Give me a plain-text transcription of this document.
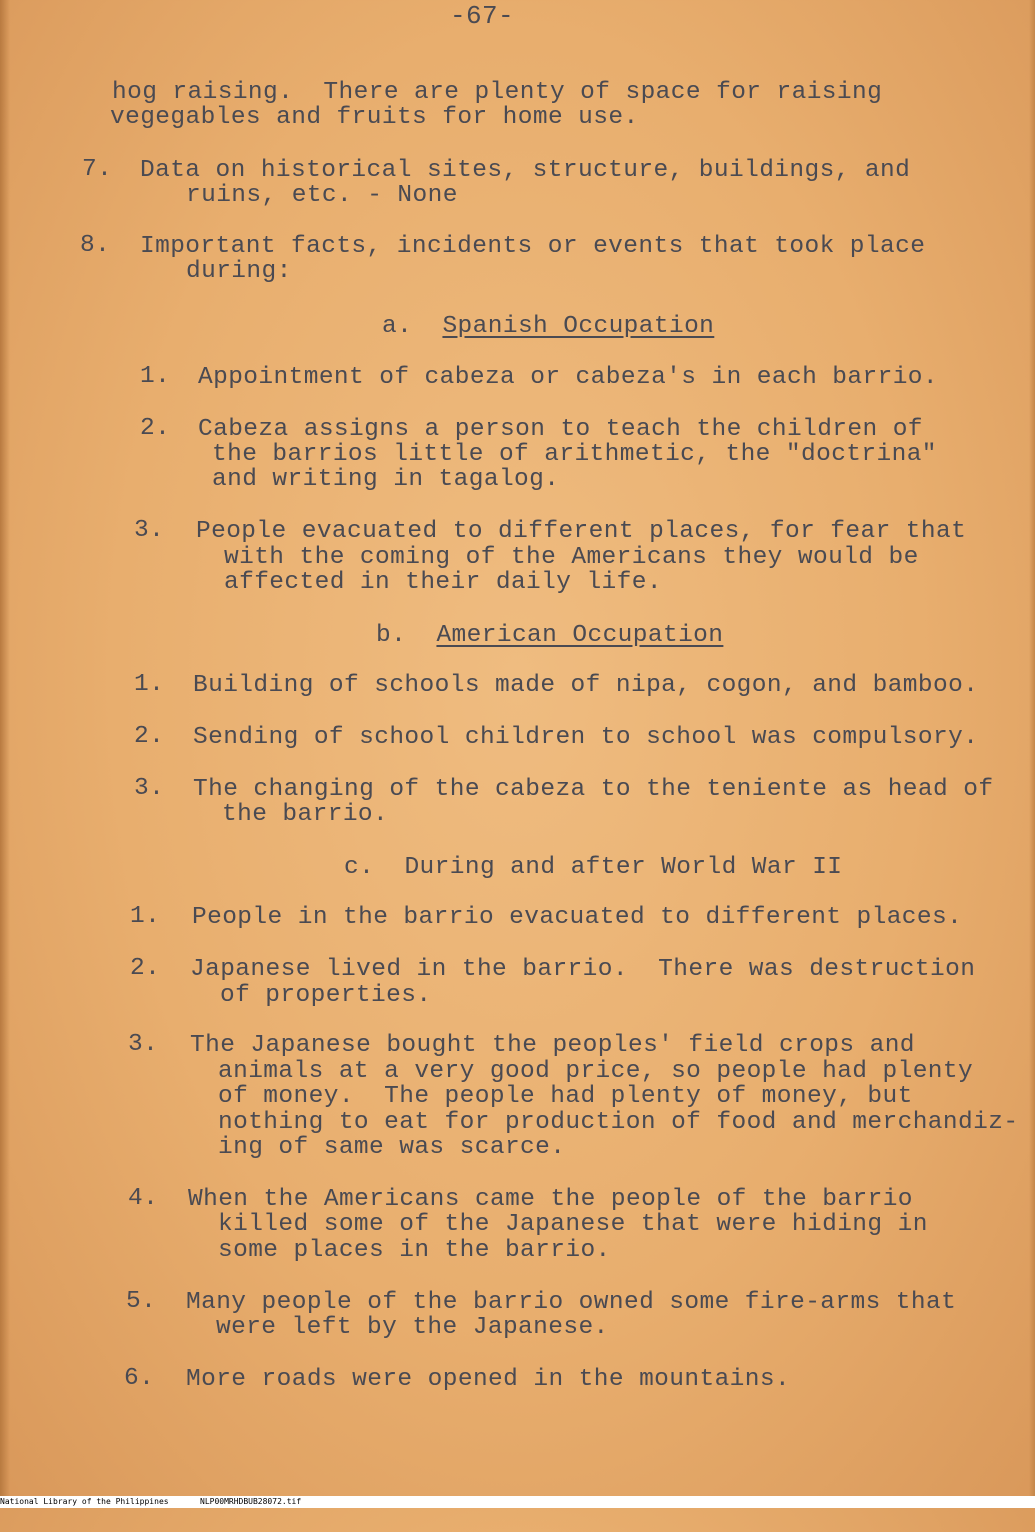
-67-
hog raising.  There are plenty of space for raising
vegegables and fruits for home use.
7. Data on historical sites, structure, buildings, and
ruins, etc. - None
8. Important facts, incidents or events that took place
during:
a. Spanish Occupation
1. Appointment of cabeza or cabeza's in each barrio.
2. Cabeza assigns a person to teach the children of
the barrios little of arithmetic, the "doctrina"
and writing in tagalog.
3. People evacuated to different places, for fear that
with the coming of the Americans they would be
affected in their daily life.
b. American Occupation
1. Building of schools made of nipa, cogon, and bamboo.
2. Sending of school children to school was compulsory.
3. The changing of the cabeza to the teniente as head of
the barrio.
c. During and after World War II
1. People in the barrio evacuated to different places.
2. Japanese lived in the barrio.  There was destruction
of properties.
3. The Japanese bought the peoples' field crops and
animals at a very good price, so people had plenty
of money.  The people had plenty of money, but
nothing to eat for production of food and merchandiz-
ing of same was scarce.
4. When the Americans came the people of the barrio
killed some of the Japanese that were hiding in
some places in the barrio.
5. Many people of the barrio owned some fire-arms that
were left by the Japanese.
6. More roads were opened in the mountains.

National Library of the Philippines

	NLP00MRHDBUB28072.tif
